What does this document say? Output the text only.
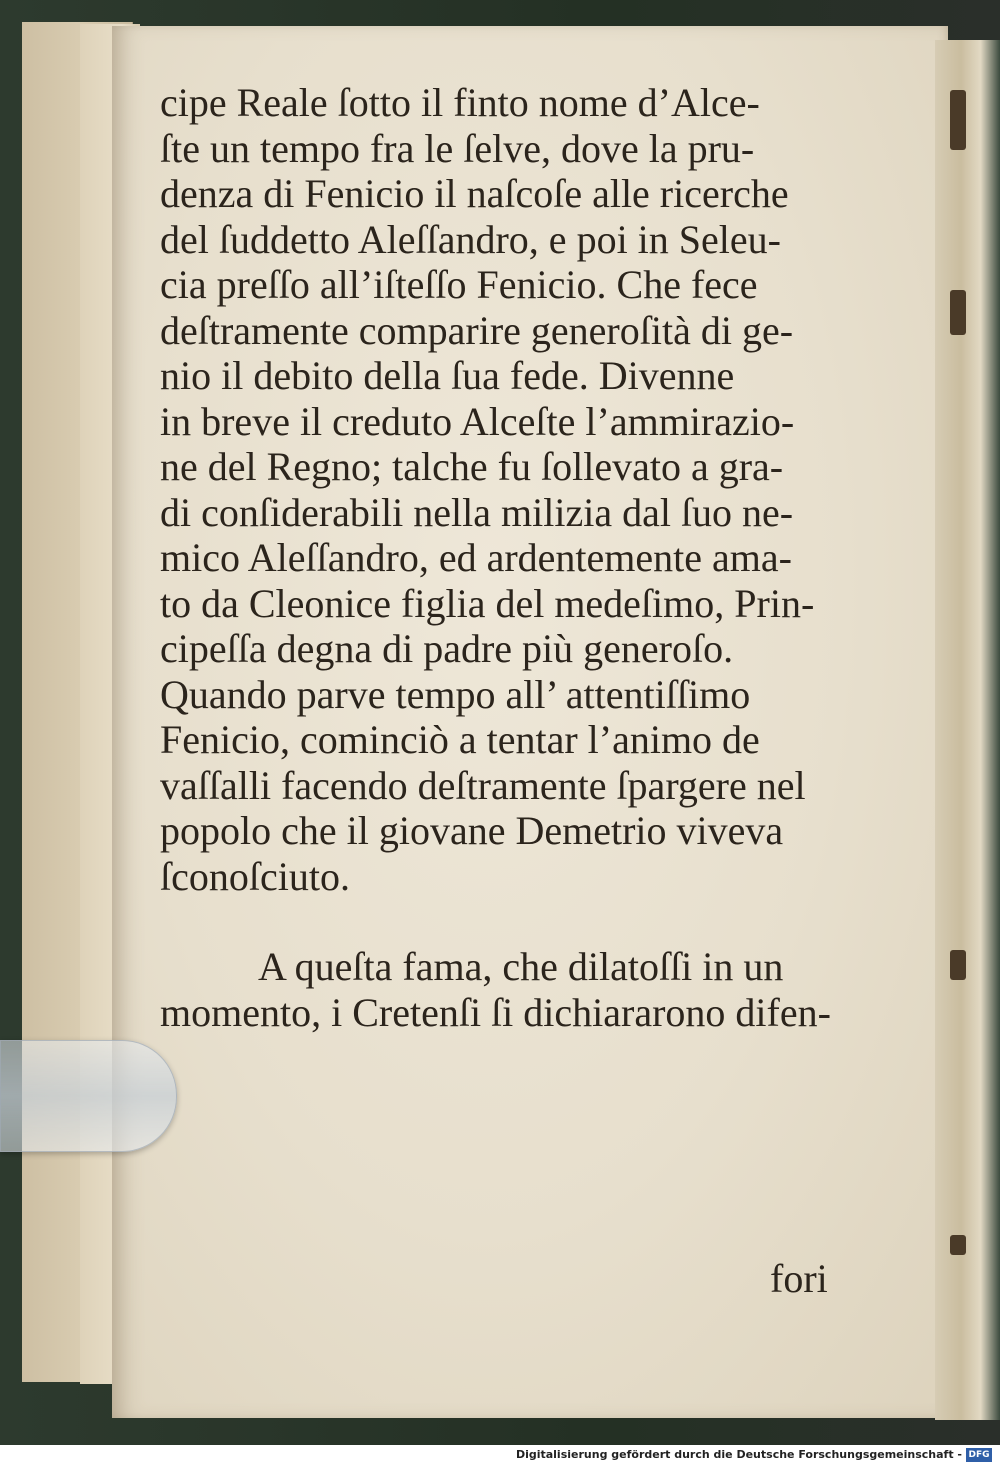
cipe Reale ſotto il finto nome d’Alce-
ſte un tempo fra le ſelve, dove la pru-
denza di Fenicio il naſcoſe alle ricerche
del ſuddetto Aleſſandro, e poi in Seleu-
cia preſſo all’iſteſſo Fenicio. Che fece
deſtramente comparire generoſità di ge-
nio il debito della ſua fede. Divenne
in breve il creduto Alceſte l’ammirazio-
ne del Regno; talche fu ſollevato a gra-
di conſiderabili nella milizia dal ſuo ne-
mico Aleſſandro, ed ardentemente ama-
to da Cleonice figlia del medeſimo, Prin-
cipeſſa degna di padre più generoſo.
Quando parve tempo all’ attentiſſimo
Fenicio, cominciò a tentar l’animo de
vaſſalli facendo deſtramente ſpargere nel
popolo che il giovane Demetrio viveva
ſconoſciuto.
A queſta fama, che dilatoſſi in un
momento, i Cretenſi ſi dichiararono difen-
fori
Digitalisierung gefördert durch die Deutsche Forschungsgemeinschaft - DFG
